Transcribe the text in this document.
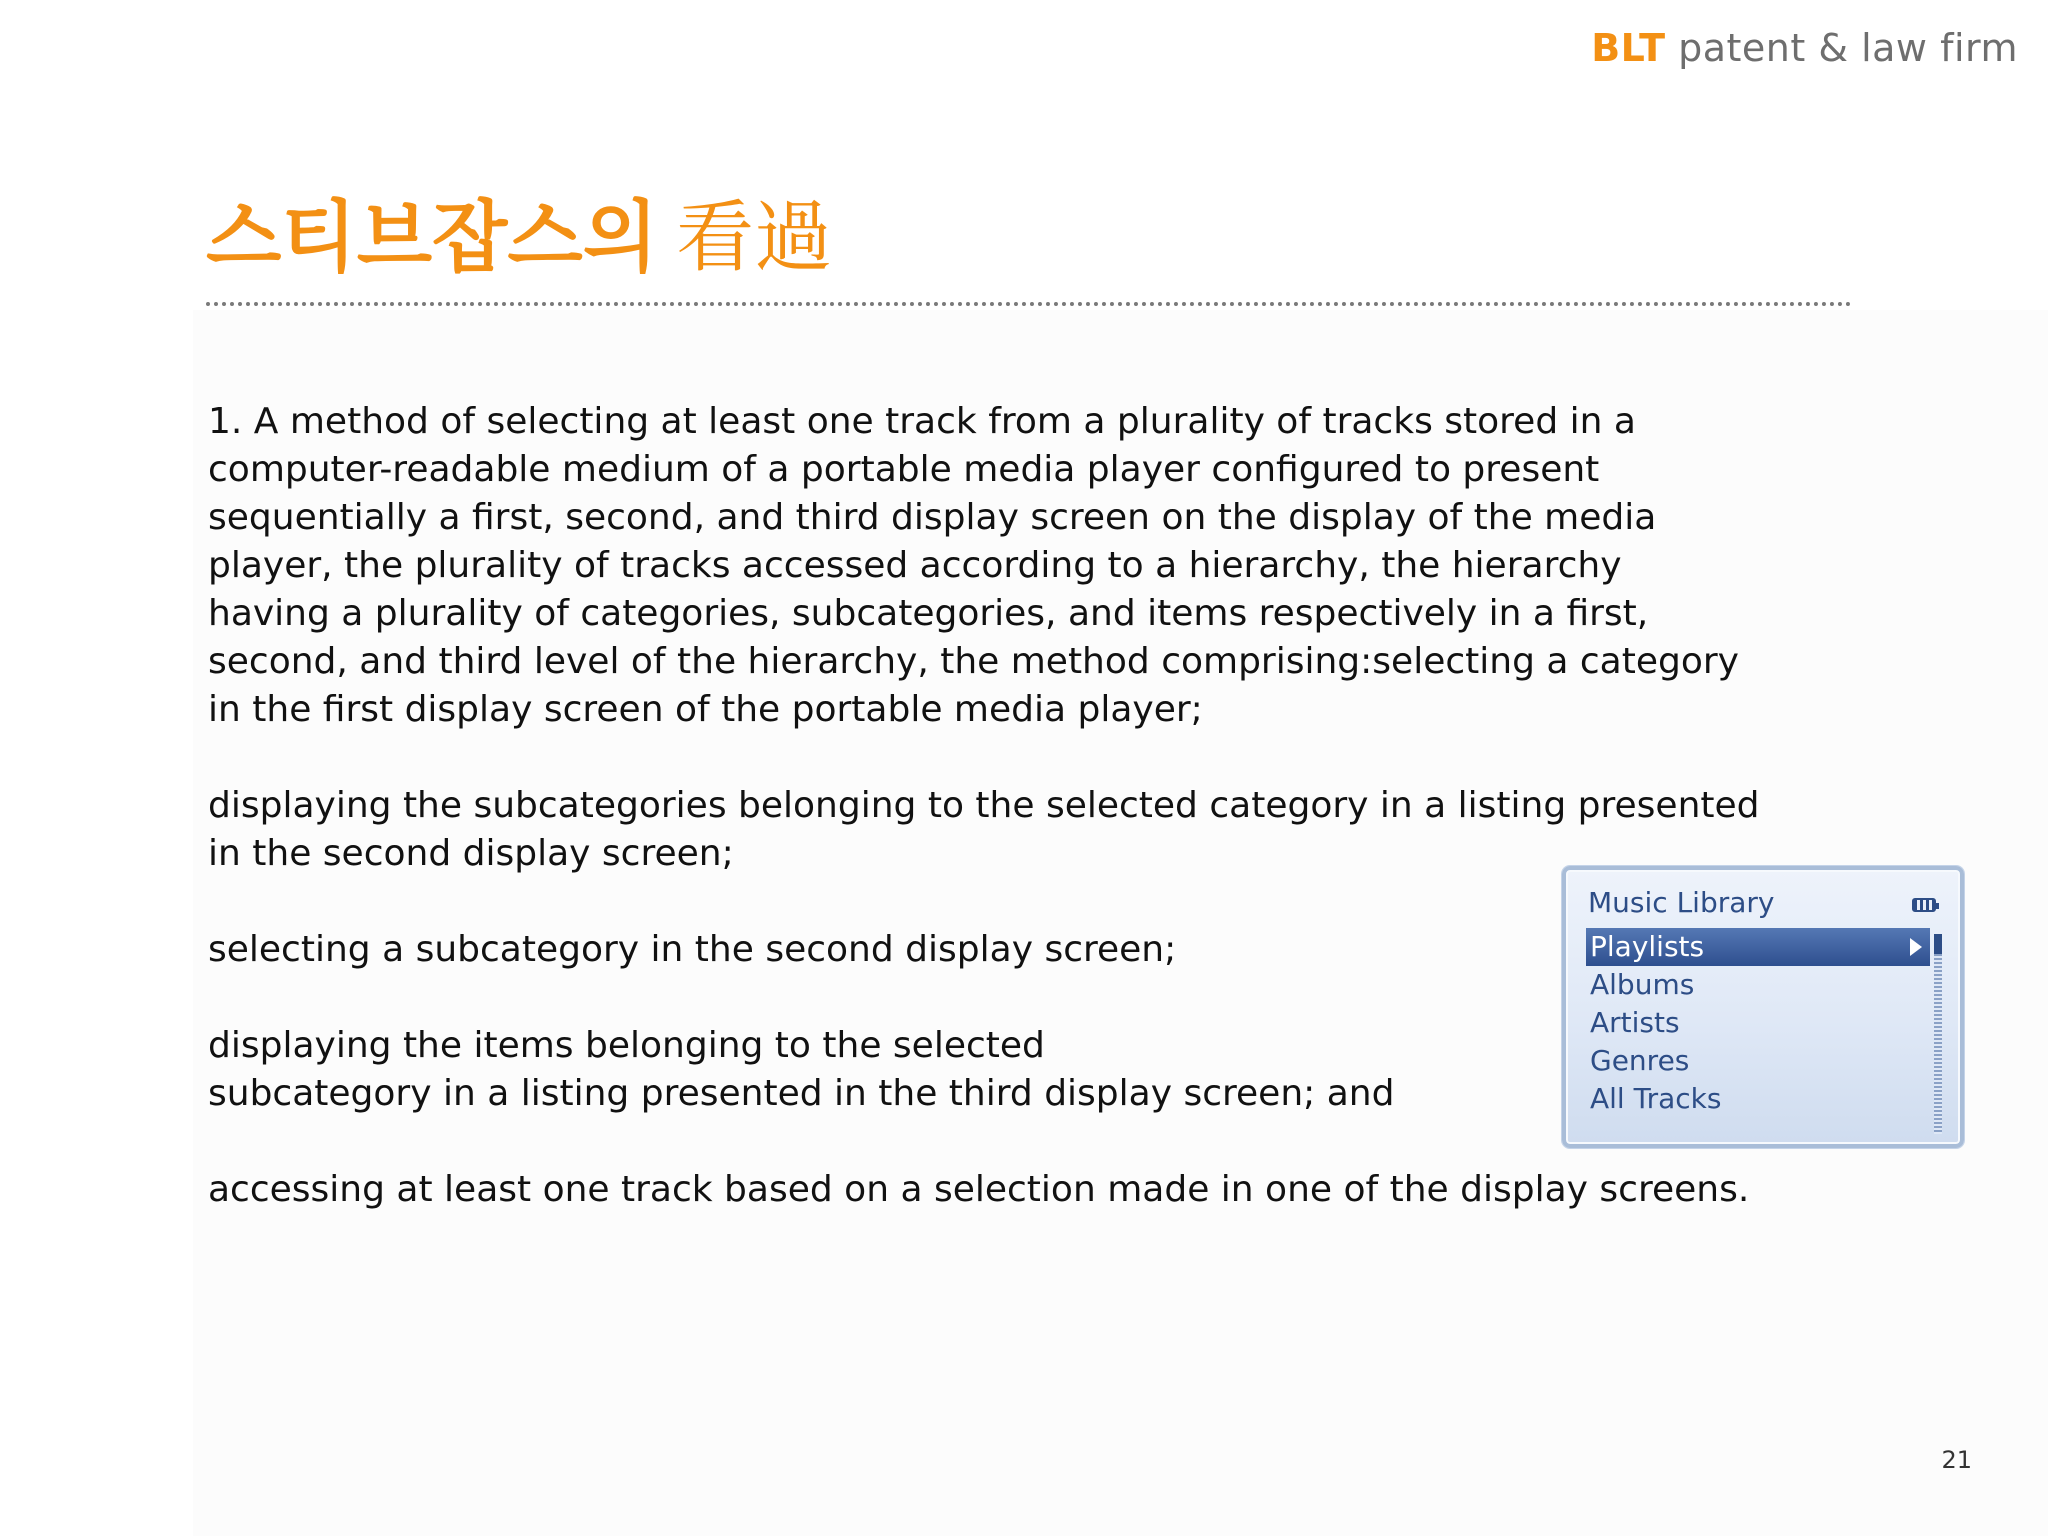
BLT patent & law firm
스티브잡스의 看過
1. A method of selecting at least one track from a plurality of tracks stored in a
computer-readable medium of a portable media player configured to present
sequentially a first, second, and third display screen on the display of the media
player, the plurality of tracks accessed according to a hierarchy, the hierarchy
having a plurality of categories, subcategories, and items respectively in a first,
second, and third level of the hierarchy, the method comprising:selecting a category
in the first display screen of the portable media player;
displaying the subcategories belonging to the selected category in a listing presented
in the second display screen;
selecting a subcategory in the second display screen;
displaying the items belonging to the selected
subcategory in a listing presented in the third display screen; and
accessing at least one track based on a selection made in one of the display screens.
Music Library
Playlists
Albums
Artists
Genres
All Tracks
21
